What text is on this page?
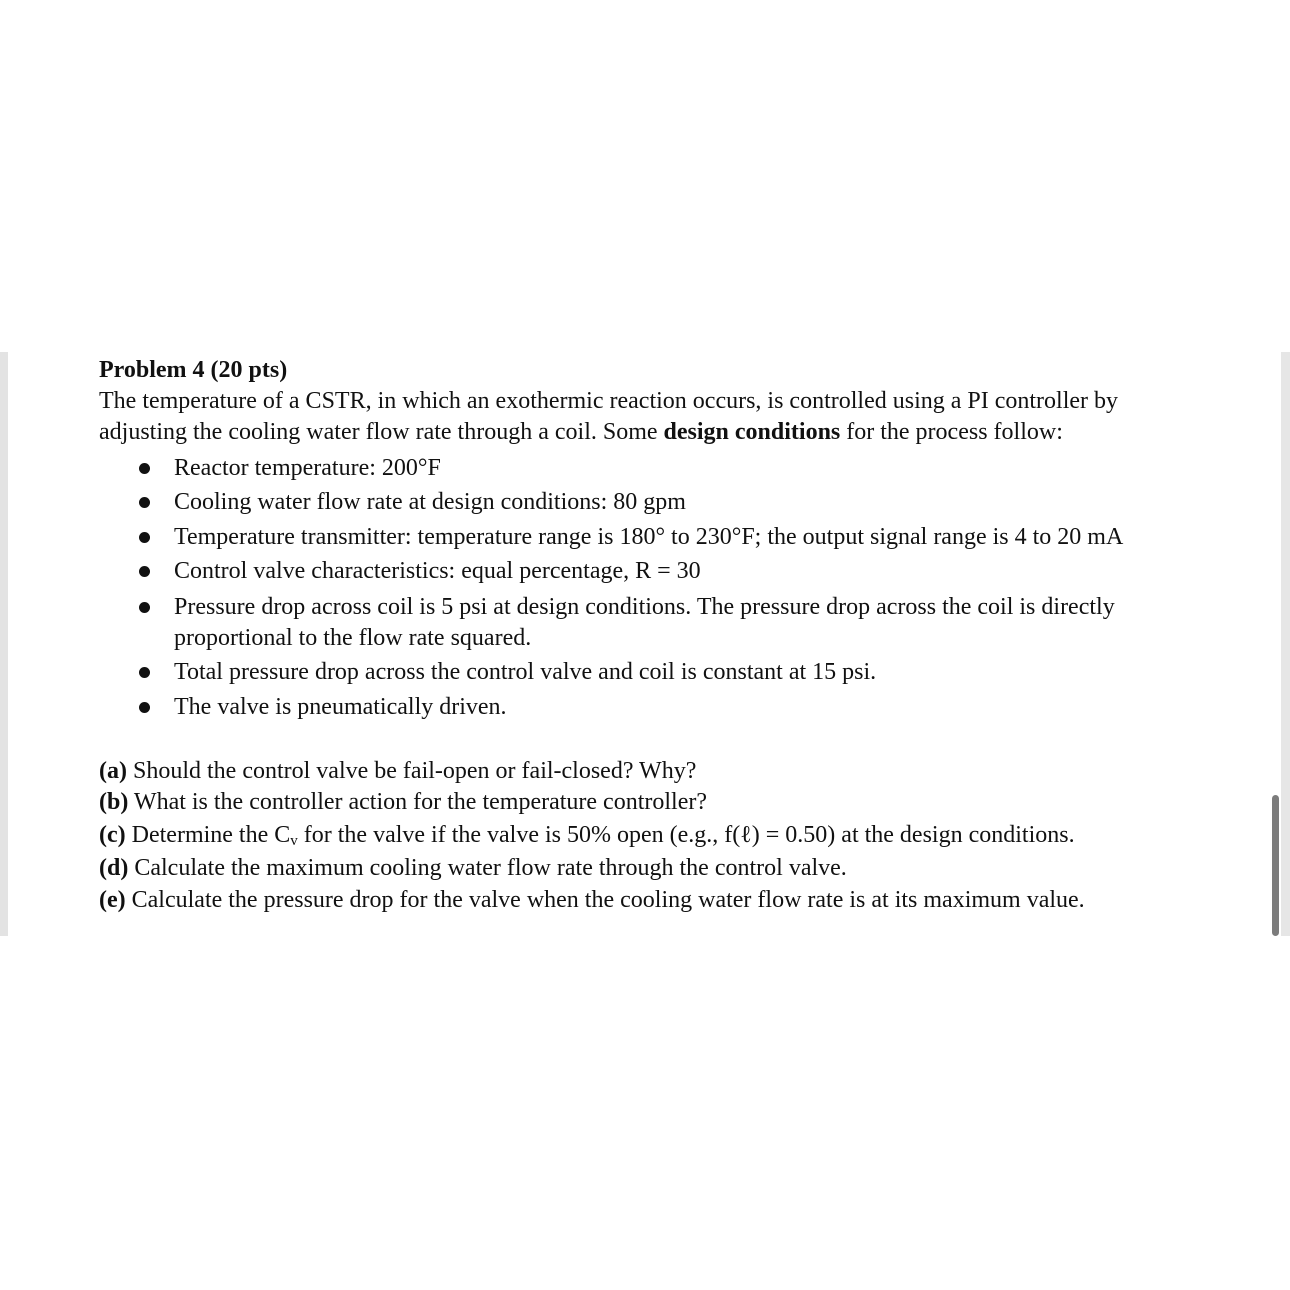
Problem 4 (20 pts)
The temperature of a CSTR, in which an exothermic reaction occurs, is controlled using a PI controller by
adjusting the cooling water flow rate through a coil. Some design conditions for the process follow:
Reactor temperature: 200°F
Cooling water flow rate at design conditions: 80 gpm
Temperature transmitter: temperature range is 180° to 230°F; the output signal range is 4 to 20 mA
Control valve characteristics: equal percentage, R = 30
Pressure drop across coil is 5 psi at design conditions. The pressure drop across the coil is directly
proportional to the flow rate squared.
Total pressure drop across the control valve and coil is constant at 15 psi.
The valve is pneumatically driven.
(a) Should the control valve be fail-open or fail-closed? Why?
(b) What is the controller action for the temperature controller?
(c) Determine the $C_v$ for the valve if the valve is 50% open (e.g., f(ℓ) = 0.50) at the design conditions.
(d) Calculate the maximum cooling water flow rate through the control valve.
(e) Calculate the pressure drop for the valve when the cooling water flow rate is at its maximum value.
